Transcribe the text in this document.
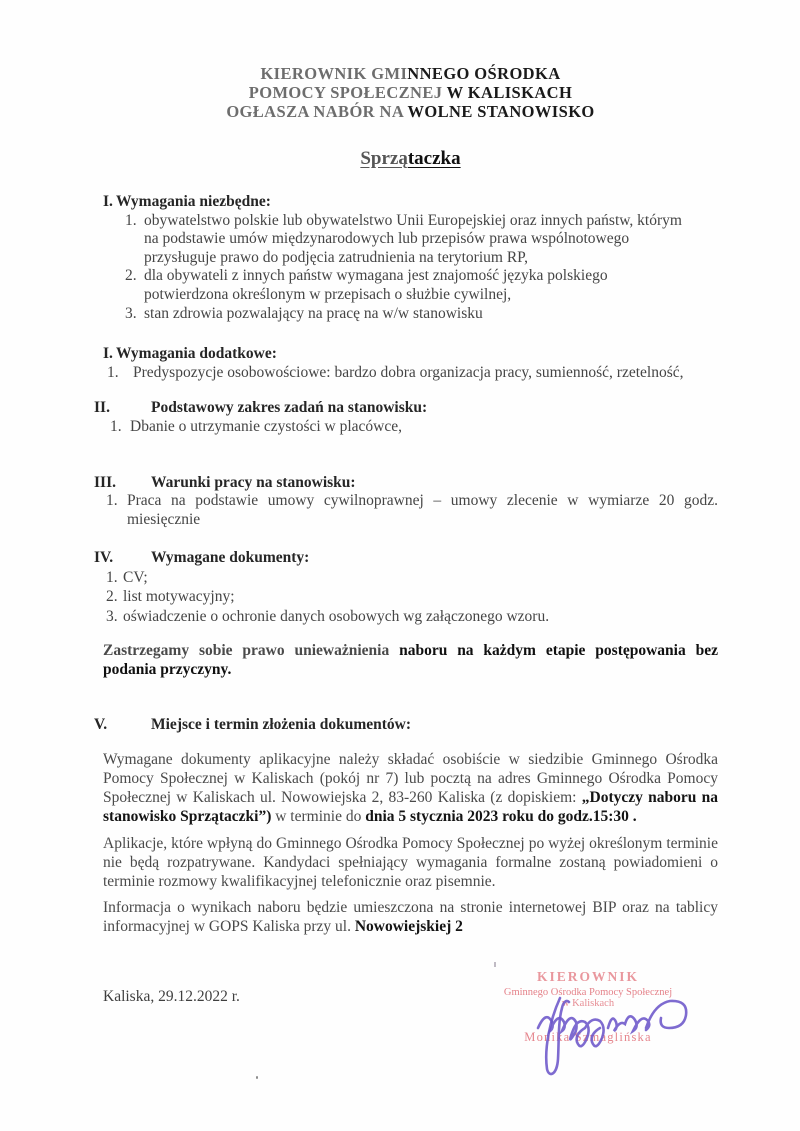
KIEROWNIK GMINNEGO OŚRODKA
POMOCY SPOŁECZNEJ W KALISKACH
OGŁASZA NABÓR NA WOLNE STANOWISKO
Sprzątaczka
I. Wymagania niezbędne:
1. obywatelstwo polskie lub obywatelstwo Unii Europejskiej oraz innych państw, którym
na podstawie umów międzynarodowych lub przepisów prawa wspólnotowego
przysługuje prawo do podjęcia zatrudnienia na terytorium RP,
2. dla obywateli z innych państw wymagana jest znajomość języka polskiego
potwierdzona określonym w przepisach o służbie cywilnej,
3. stan zdrowia pozwalający na pracę na w/w stanowisku
I. Wymagania dodatkowe:
1. Predyspozycje osobowościowe: bardzo dobra organizacja pracy, sumienność, rzetelność,
II.	Podstawowy zakres zadań na stanowisku:
1. Dbanie o utrzymanie czystości w placówce,
III. Warunki pracy na stanowisku:
1. Praca na podstawie umowy cywilnoprawnej – umowy zlecenie w wymiarze 20 godz.
miesięcznie
IV. Wymagane dokumenty:
1. CV;
2. list motywacyjny;
3. oświadczenie o ochronie danych osobowych wg załączonego wzoru.
Zastrzegamy sobie prawo unieważnienia naboru na każdym etapie postępowania bez podania przyczyny.
V.	Miejsce i termin złożenia dokumentów:
Wymagane dokumenty aplikacyjne należy składać osobiście w siedzibie Gminnego Ośrodka Pomocy Społecznej w Kaliskach (pokój nr 7) lub pocztą na adres Gminnego Ośrodka Pomocy Społecznej w Kaliskach ul. Nowowiejska 2, 83-260 Kaliska (z dopiskiem: „Dotyczy naboru na stanowisko Sprzątaczki”) w terminie do dnia 5 stycznia 2023 roku do godz.15:30 .
Aplikacje, które wpłyną do Gminnego Ośrodka Pomocy Społecznej po wyżej określonym terminie nie będą rozpatrywane. Kandydaci spełniający wymagania formalne zostaną powiadomieni o terminie rozmowy kwalifikacyjnej telefonicznie oraz pisemnie.
Informacja o wynikach naboru będzie umieszczona na stronie internetowej BIP oraz na tablicy informacyjnej w GOPS Kaliska przy ul. Nowowiejskiej 2
Kaliska, 29.12.2022 r.
KIEROWNIK
Gminnego Ośrodka Pomocy Społecznej
w Kaliskach
Monika Szmaglińska
